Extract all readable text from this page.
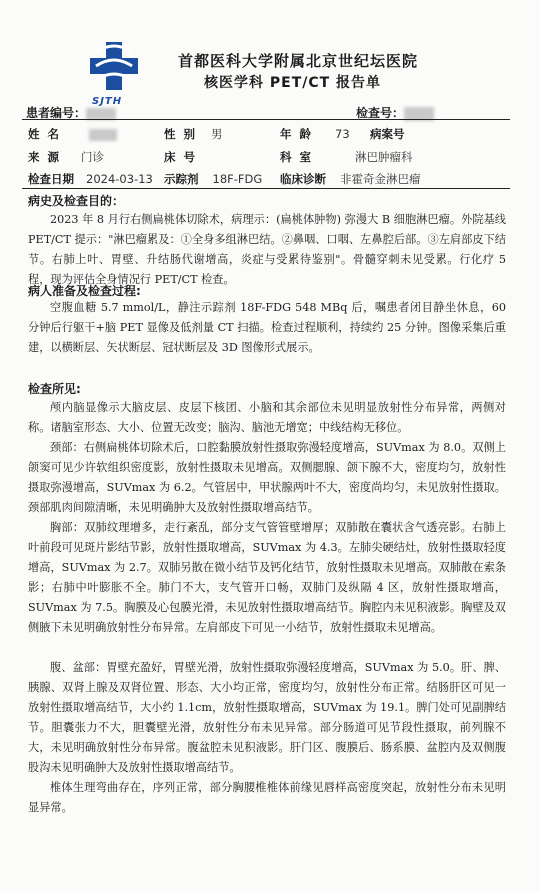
SJTH
首都医科大学附属北京世纪坛医院
核医学科 PET/CT 报告单
患者编号：	检查号：
姓 名	性 别 男	年 龄 73 病案号
来 源 门诊	床 号	科 室	淋巴肿瘤科
检查日期 2024-03-13 示踪剂 18F-FDG 临床诊断 非霍奇金淋巴瘤
病史及检查目的：
2023 年 8 月行右侧扁桃体切除术，病理示：(扁桃体肿物) 弥漫大 B 细胞淋巴瘤。外院基线 PET/CT 提示："淋巴瘤累及：①全身多组淋巴结。②鼻咽、口咽、左鼻腔后部。③左肩部皮下结节。右肺上叶、胃壁、升结肠代谢增高，炎症与受累待鉴别"。骨髓穿刺未见受累。行化疗 5 程，现为评估全身情况行 PET/CT 检查。
病人准备及检查过程:
空腹血糖 5.7 mmol/L，静注示踪剂 18F-FDG 548 MBq 后，嘱患者闭目静坐休息，60 分钟后行躯干+脑 PET 显像及低剂量 CT 扫描。检查过程顺利，持续约 25 分钟。图像采集后重建，以横断层、矢状断层、冠状断层及 3D 图像形式展示。
检查所见:
颅内脑显像示大脑皮层、皮层下核团、小脑和其余部位未见明显放射性分布异常，两侧对称。诸脑室形态、大小、位置无改变；脑沟、脑池无增宽；中线结构无移位。
颈部：右侧扁桃体切除术后，口腔黏膜放射性摄取弥漫轻度增高，SUVmax 为 8.0。双侧上颌窦可见少许软组织密度影，放射性摄取未见增高。双侧腮腺、颌下腺不大，密度均匀，放射性摄取弥漫增高，SUVmax 为 6.2。气管居中，甲状腺两叶不大，密度尚均匀，未见放射性摄取。颈部肌肉间隙清晰，未见明确肿大及放射性摄取增高结节。
胸部：双肺纹理增多，走行紊乱，部分支气管管壁增厚；双肺散在囊状含气透亮影。右肺上叶前段可见斑片影结节影，放射性摄取增高，SUVmax 为 4.3。左肺尖硬结灶，放射性摄取轻度增高，SUVmax 为 2.7。双肺另散在微小结节及钙化结节，放射性摄取未见增高。双肺散在索条影；右肺中叶膨胀不全。肺门不大，支气管开口畅，双肺门及纵隔 4 区，放射性摄取增高，SUVmax 为 7.5。胸膜及心包膜光滑，未见放射性摄取增高结节。胸腔内未见积液影。胸壁及双侧腋下未见明确放射性分布异常。左肩部皮下可见一小结节，放射性摄取未见增高。
腹、盆部：胃壁充盈好，胃壁光滑，放射性摄取弥漫轻度增高，SUVmax 为 5.0。肝、脾、胰腺、双肾上腺及双肾位置、形态、大小均正常，密度均匀，放射性分布正常。结肠肝区可见一放射性摄取增高结节，大小约 1.1cm，放射性摄取增高，SUVmax 为 19.1。脾门处可见副脾结节。胆囊张力不大，胆囊壁光滑，放射性分布未见异常。部分肠道可见节段性摄取，前列腺不大，未见明确放射性分布异常。腹盆腔未见积液影。肝门区、腹膜后、肠系膜、盆腔内及双侧腹股沟未见明确肿大及放射性摄取增高结节。
椎体生理弯曲存在，序列正常，部分胸腰椎椎体前缘见唇样高密度突起，放射性分布未见明显异常。
